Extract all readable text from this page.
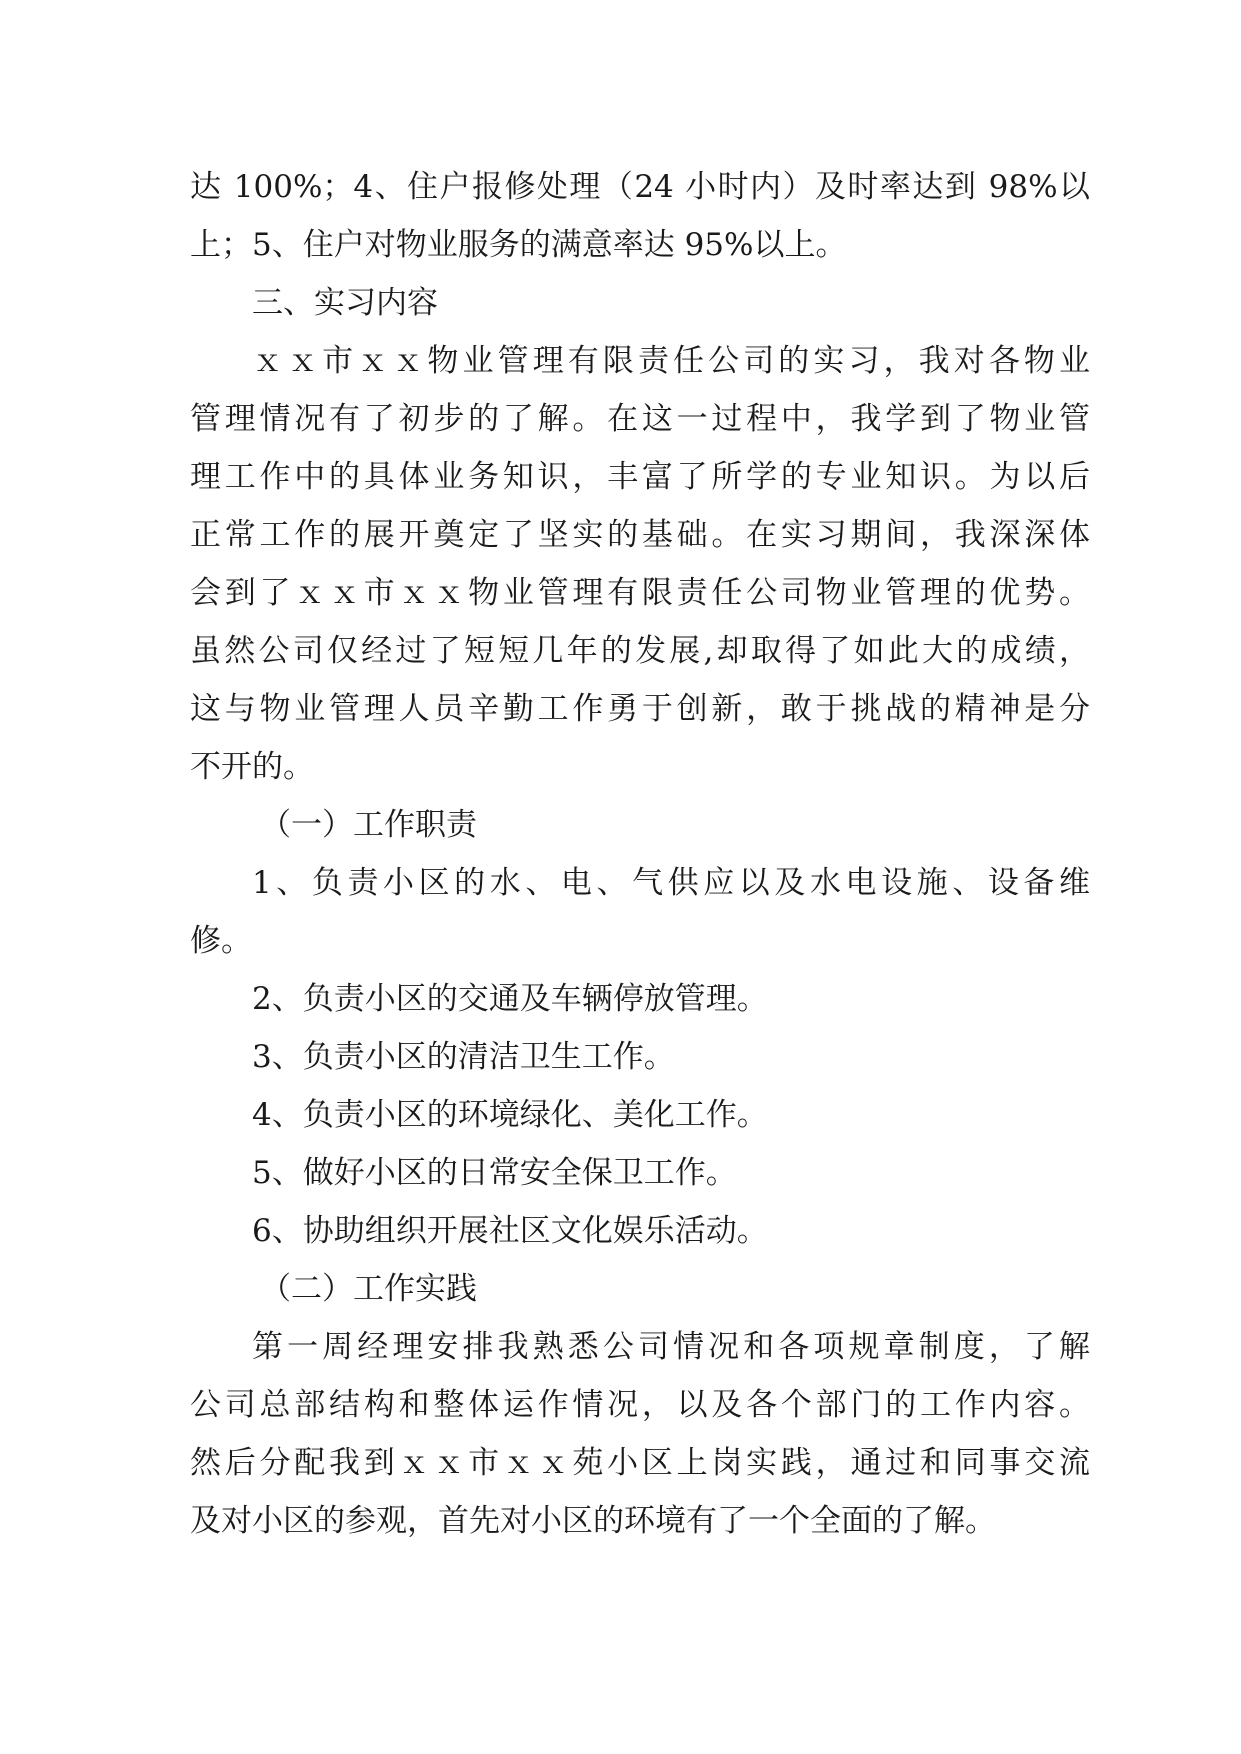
达 100%；4、住户报修处理（24 小时内）及时率达到 98%以
上；5、住户对物业服务的满意率达 95%以上。
三、实习内容
ｘｘ市ｘｘ物业管理有限责任公司的实习，我对各物业
管理情况有了初步的了解。在这一过程中，我学到了物业管
理工作中的具体业务知识，丰富了所学的专业知识。为以后
正常工作的展开奠定了坚实的基础。在实习期间，我深深体
会到了ｘｘ市ｘｘ物业管理有限责任公司物业管理的优势。
虽然公司仅经过了短短几年的发展,却取得了如此大的成绩，
这与物业管理人员辛勤工作勇于创新，敢于挑战的精神是分
不开的。
（一）工作职责
1、负责小区的水、电、气供应以及水电设施、设备维
修。
2、负责小区的交通及车辆停放管理。
3、负责小区的清洁卫生工作。
4、负责小区的环境绿化、美化工作。
5、做好小区的日常安全保卫工作。
6、协助组织开展社区文化娱乐活动。
（二）工作实践
第一周经理安排我熟悉公司情况和各项规章制度，了解
公司总部结构和整体运作情况，以及各个部门的工作内容。
然后分配我到ｘｘ市ｘｘ苑小区上岗实践，通过和同事交流
及对小区的参观，首先对小区的环境有了一个全面的了解。
